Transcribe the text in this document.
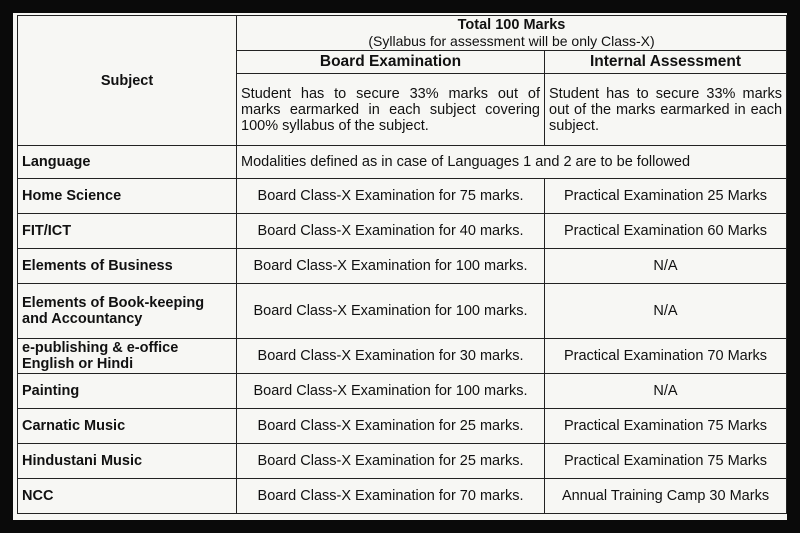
Subject	Total 100 Marks
(Syllabus for assessment will be only Class-X)	

	Board Examination	Internal Assessment
	Student has to secure 33% marks out of marks earmarked in each subject covering 100% syllabus of the subject.	Student has to secure 33% marks out of the marks earmarked in each subject.
Language	Modalities defined as in case of Languages 1 and 2 are to be followed	
Home Science	Board Class-X Examination for 75 marks.	Practical Examination 25 Marks
FIT/ICT	Board Class-X Examination for 40 marks.	Practical Examination 60 Marks
Elements of Business	Board Class-X Examination for 100 marks.	N/A
Elements of Book-keeping and Accountancy	Board Class-X Examination for 100 marks.	N/A
e-publishing & e-office English or Hindi	Board Class-X Examination for 30 marks.	Practical Examination 70 Marks
Painting	Board Class-X Examination for 100 marks.	N/A
Carnatic Music	Board Class-X Examination for 25 marks.	Practical Examination 75 Marks
Hindustani Music	Board Class-X Examination for 25 marks.	Practical Examination 75 Marks
NCC	Board Class-X Examination for 70 marks.	Annual Training Camp 30 Marks
